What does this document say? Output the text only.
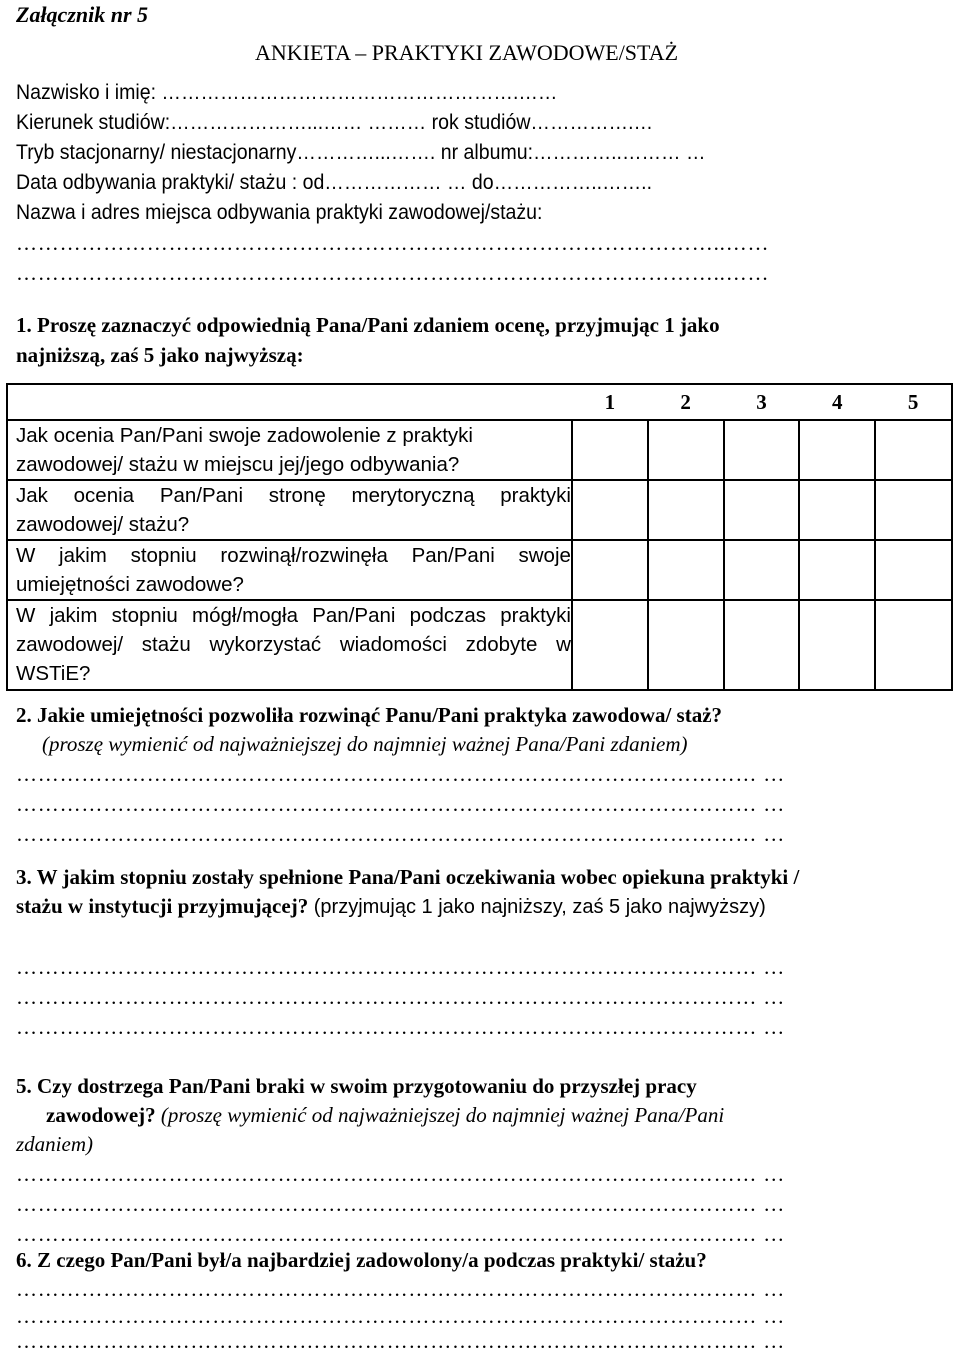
Załącznik nr 5
ANKIETA – PRAKTYKI ZAWODOWE/STAŻ
Nazwisko i imię: ……………………………………………….……
Kierunek studiów:…………………...…… ……… rok studiów…………….…
Tryb stacjonarny/ niestacjonarny…………...……. nr albumu:…………..……… …
Data odbywania praktyki/ stażu : od……………… … do……………..……..
Nazwa i adres miejsca odbywania praktyki zawodowej/stażu:
……………………………………………………………………………………..……
……………………………………………………………………………………..……
1. Proszę zaznaczyć odpowiednią Pana/Pani zdaniem ocenę, przyjmując 1 jako
najniższą, zaś 5 jako najwyższą:
	1	2	3	4	5
Jak ocenia Pan/Pani swoje zadowolenie z praktyki zawodowej/ stażu w miejscu jej/jego odbywania?					
Jak ocenia Pan/Pani stronę merytoryczną praktyki zawodowej/ stażu?					
W jakim stopniu rozwinął/rozwinęła Pan/Pani swoje umiejętności zawodowe?					
W jakim stopniu mógł/mogła Pan/Pani podczas praktyki zawodowej/ stażu wykorzystać wiadomości zdobyte w WSTiE?					
2. Jakie umiejętności pozwoliła rozwinąć Panu/Pani praktyka zawodowa/ staż?
(proszę wymienić od najważniejszej do najmniej ważnej Pana/Pani zdaniem)
………………………………………………………………………………………… …
………………………………………………………………………………………… …
………………………………………………………………………………………… …
3. W jakim stopniu zostały spełnione Pana/Pani oczekiwania wobec opiekuna praktyki /
stażu w instytucji przyjmującej? (przyjmując 1 jako najniższy, zaś 5 jako najwyższy)
………………………………………………………………………………………… …
………………………………………………………………………………………… …
………………………………………………………………………………………… …
5. Czy dostrzega Pan/Pani braki w swoim przygotowaniu do przyszłej pracy
zawodowej? (proszę wymienić od najważniejszej do najmniej ważnej Pana/Pani
zdaniem)
………………………………………………………………………………………… …
………………………………………………………………………………………… …
………………………………………………………………………………………… …
6. Z czego Pan/Pani był/a najbardziej zadowolony/a podczas praktyki/ stażu?
………………………………………………………………………………………… …
………………………………………………………………………………………… …
………………………………………………………………………………………… …
